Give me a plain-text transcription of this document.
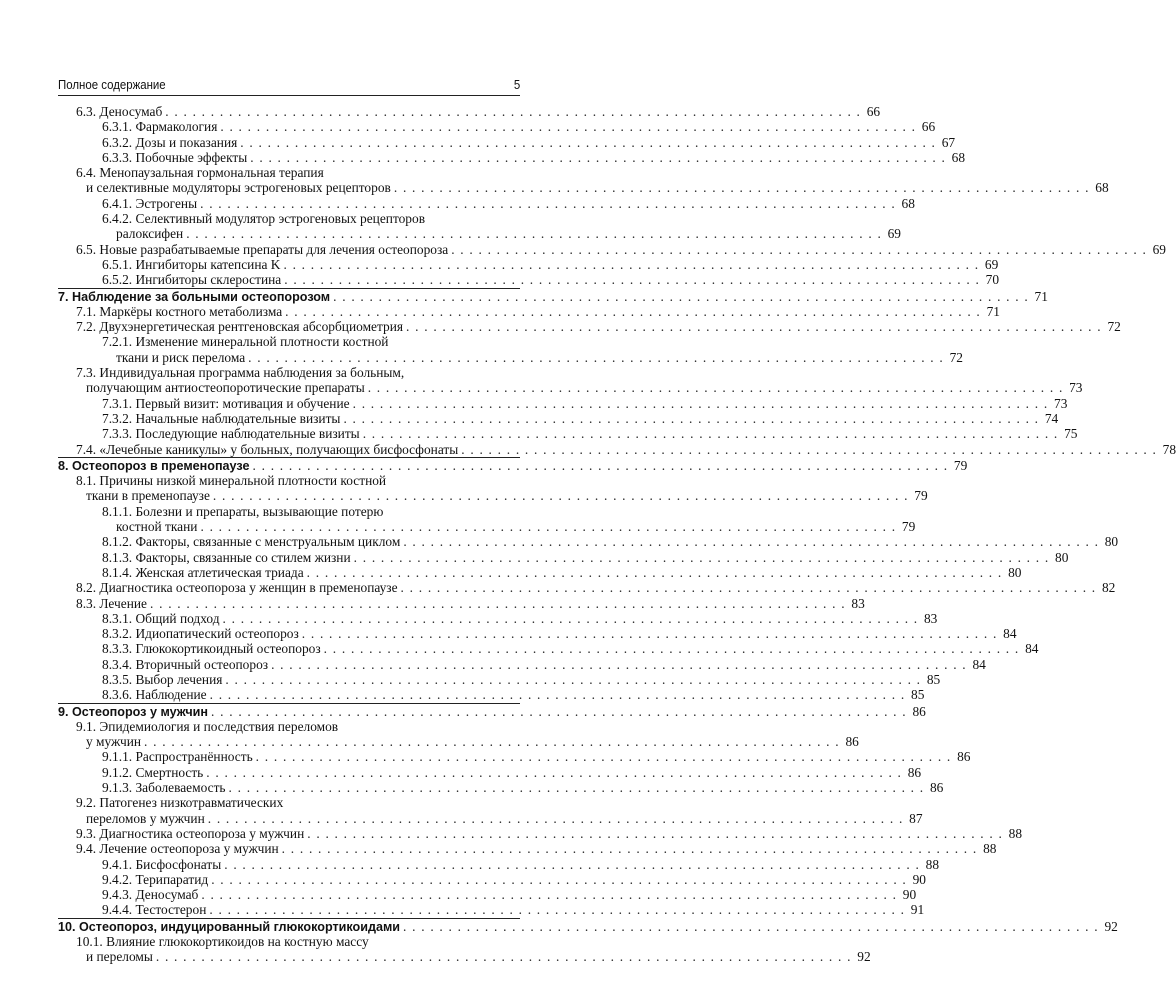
Полное содержание	5
6.3. Деносумаб . . . . . . . . . . . . . . . . . . . . . . . . . . . . . . . . . . . . . . . . . . . . . . . . . . . . . . . . . . . . . . . . . . . . . . . . . . . . . 66
6.3.1. Фармакология . . . . . . . . . . . . . . . . . . . . . . . . . . . . . . . . . . . . . . . . . . . . . . . . . . . . . . . . . . . . . . . . . . . . . . . . . . . . . 66
6.3.2. Дозы и показания . . . . . . . . . . . . . . . . . . . . . . . . . . . . . . . . . . . . . . . . . . . . . . . . . . . . . . . . . . . . . . . . . . . . . . . . . . . . . 67
6.3.3. Побочные эффекты . . . . . . . . . . . . . . . . . . . . . . . . . . . . . . . . . . . . . . . . . . . . . . . . . . . . . . . . . . . . . . . . . . . . . . . . . . . . . 68
6.4. Менопаузальная гормональная терапия
и селективные модуляторы эстрогеновых рецепторов . . . . . . . . . . . . . . . . . . . . . . . . . . . . . . . . . . . . . . . . . . . . . . . . . . . . . . . . . . . . . . . . . . . . . . . . . . . . . 68
6.4.1. Эстрогены . . . . . . . . . . . . . . . . . . . . . . . . . . . . . . . . . . . . . . . . . . . . . . . . . . . . . . . . . . . . . . . . . . . . . . . . . . . . . 68
6.4.2. Селективный модулятор эстрогеновых рецепторов
ралоксифен . . . . . . . . . . . . . . . . . . . . . . . . . . . . . . . . . . . . . . . . . . . . . . . . . . . . . . . . . . . . . . . . . . . . . . . . . . . . . 69
6.5. Новые разрабатываемые препараты для лечения остеопороза . . . . . . . . . . . . . . . . . . . . . . . . . . . . . . . . . . . . . . . . . . . . . . . . . . . . . . . . . . . . . . . . . . . . . . . . . . . . . 69
6.5.1. Ингибиторы катепсина K . . . . . . . . . . . . . . . . . . . . . . . . . . . . . . . . . . . . . . . . . . . . . . . . . . . . . . . . . . . . . . . . . . . . . . . . . . . . . 69
6.5.2. Ингибиторы склеростина . . . . . . . . . . . . . . . . . . . . . . . . . . . . . . . . . . . . . . . . . . . . . . . . . . . . . . . . . . . . . . . . . . . . . . . . . . . . . 70
7. Наблюдение за больными остеопорозом . . . . . . . . . . . . . . . . . . . . . . . . . . . . . . . . . . . . . . . . . . . . . . . . . . . . . . . . . . . . . . . . . . . . . . . . . . . . . 71
7.1. Маркёры костного метаболизма . . . . . . . . . . . . . . . . . . . . . . . . . . . . . . . . . . . . . . . . . . . . . . . . . . . . . . . . . . . . . . . . . . . . . . . . . . . . . 71
7.2. Двухэнергетическая рентгеновская абсорбциометрия . . . . . . . . . . . . . . . . . . . . . . . . . . . . . . . . . . . . . . . . . . . . . . . . . . . . . . . . . . . . . . . . . . . . . . . . . . . . . 72
7.2.1. Изменение минеральной плотности костной
ткани и риск перелома . . . . . . . . . . . . . . . . . . . . . . . . . . . . . . . . . . . . . . . . . . . . . . . . . . . . . . . . . . . . . . . . . . . . . . . . . . . . . 72
7.3. Индивидуальная программа наблюдения за больным,
получающим антиостеопоротические препараты . . . . . . . . . . . . . . . . . . . . . . . . . . . . . . . . . . . . . . . . . . . . . . . . . . . . . . . . . . . . . . . . . . . . . . . . . . . . . 73
7.3.1. Первый визит: мотивация и обучение . . . . . . . . . . . . . . . . . . . . . . . . . . . . . . . . . . . . . . . . . . . . . . . . . . . . . . . . . . . . . . . . . . . . . . . . . . . . . 73
7.3.2. Начальные наблюдательные визиты . . . . . . . . . . . . . . . . . . . . . . . . . . . . . . . . . . . . . . . . . . . . . . . . . . . . . . . . . . . . . . . . . . . . . . . . . . . . . 74
7.3.3. Последующие наблюдательные визиты . . . . . . . . . . . . . . . . . . . . . . . . . . . . . . . . . . . . . . . . . . . . . . . . . . . . . . . . . . . . . . . . . . . . . . . . . . . . . 75
7.4. «Лечебные каникулы» у больных, получающих бисфосфонаты . . . . . . . . . . . . . . . . . . . . . . . . . . . . . . . . . . . . . . . . . . . . . . . . . . . . . . . . . . . . . . . . . . . . . . . . . . . . . 78
8. Остеопороз в пременопаузе . . . . . . . . . . . . . . . . . . . . . . . . . . . . . . . . . . . . . . . . . . . . . . . . . . . . . . . . . . . . . . . . . . . . . . . . . . . . . 79
8.1. Причины низкой минеральной плотности костной
ткани в пременопаузе . . . . . . . . . . . . . . . . . . . . . . . . . . . . . . . . . . . . . . . . . . . . . . . . . . . . . . . . . . . . . . . . . . . . . . . . . . . . . 79
8.1.1. Болезни и препараты, вызывающие потерю
костной ткани . . . . . . . . . . . . . . . . . . . . . . . . . . . . . . . . . . . . . . . . . . . . . . . . . . . . . . . . . . . . . . . . . . . . . . . . . . . . . 79
8.1.2. Факторы, связанные с менструальным циклом . . . . . . . . . . . . . . . . . . . . . . . . . . . . . . . . . . . . . . . . . . . . . . . . . . . . . . . . . . . . . . . . . . . . . . . . . . . . . 80
8.1.3. Факторы, связанные со стилем жизни . . . . . . . . . . . . . . . . . . . . . . . . . . . . . . . . . . . . . . . . . . . . . . . . . . . . . . . . . . . . . . . . . . . . . . . . . . . . . 80
8.1.4. Женская атлетическая триада . . . . . . . . . . . . . . . . . . . . . . . . . . . . . . . . . . . . . . . . . . . . . . . . . . . . . . . . . . . . . . . . . . . . . . . . . . . . . 80
8.2. Диагностика остеопороза у женщин в пременопаузе . . . . . . . . . . . . . . . . . . . . . . . . . . . . . . . . . . . . . . . . . . . . . . . . . . . . . . . . . . . . . . . . . . . . . . . . . . . . . 82
8.3. Лечение . . . . . . . . . . . . . . . . . . . . . . . . . . . . . . . . . . . . . . . . . . . . . . . . . . . . . . . . . . . . . . . . . . . . . . . . . . . . . 83
8.3.1. Общий подход . . . . . . . . . . . . . . . . . . . . . . . . . . . . . . . . . . . . . . . . . . . . . . . . . . . . . . . . . . . . . . . . . . . . . . . . . . . . . 83
8.3.2. Идиопатический остеопороз . . . . . . . . . . . . . . . . . . . . . . . . . . . . . . . . . . . . . . . . . . . . . . . . . . . . . . . . . . . . . . . . . . . . . . . . . . . . . 84
8.3.3. Глюкокортикоидный остеопороз . . . . . . . . . . . . . . . . . . . . . . . . . . . . . . . . . . . . . . . . . . . . . . . . . . . . . . . . . . . . . . . . . . . . . . . . . . . . . 84
8.3.4. Вторичный остеопороз . . . . . . . . . . . . . . . . . . . . . . . . . . . . . . . . . . . . . . . . . . . . . . . . . . . . . . . . . . . . . . . . . . . . . . . . . . . . . 84
8.3.5. Выбор лечения . . . . . . . . . . . . . . . . . . . . . . . . . . . . . . . . . . . . . . . . . . . . . . . . . . . . . . . . . . . . . . . . . . . . . . . . . . . . . 85
8.3.6. Наблюдение . . . . . . . . . . . . . . . . . . . . . . . . . . . . . . . . . . . . . . . . . . . . . . . . . . . . . . . . . . . . . . . . . . . . . . . . . . . . . 85
9. Остеопороз у мужчин . . . . . . . . . . . . . . . . . . . . . . . . . . . . . . . . . . . . . . . . . . . . . . . . . . . . . . . . . . . . . . . . . . . . . . . . . . . . . 86
9.1. Эпидемиология и последствия переломов
у мужчин . . . . . . . . . . . . . . . . . . . . . . . . . . . . . . . . . . . . . . . . . . . . . . . . . . . . . . . . . . . . . . . . . . . . . . . . . . . . . 86
9.1.1. Распространённость . . . . . . . . . . . . . . . . . . . . . . . . . . . . . . . . . . . . . . . . . . . . . . . . . . . . . . . . . . . . . . . . . . . . . . . . . . . . . 86
9.1.2. Смертность . . . . . . . . . . . . . . . . . . . . . . . . . . . . . . . . . . . . . . . . . . . . . . . . . . . . . . . . . . . . . . . . . . . . . . . . . . . . . 86
9.1.3. Заболеваемость . . . . . . . . . . . . . . . . . . . . . . . . . . . . . . . . . . . . . . . . . . . . . . . . . . . . . . . . . . . . . . . . . . . . . . . . . . . . . 86
9.2. Патогенез низкотравматических
переломов у мужчин . . . . . . . . . . . . . . . . . . . . . . . . . . . . . . . . . . . . . . . . . . . . . . . . . . . . . . . . . . . . . . . . . . . . . . . . . . . . . 87
9.3. Диагностика остеопороза у мужчин . . . . . . . . . . . . . . . . . . . . . . . . . . . . . . . . . . . . . . . . . . . . . . . . . . . . . . . . . . . . . . . . . . . . . . . . . . . . . 88
9.4. Лечение остеопороза у мужчин . . . . . . . . . . . . . . . . . . . . . . . . . . . . . . . . . . . . . . . . . . . . . . . . . . . . . . . . . . . . . . . . . . . . . . . . . . . . . 88
9.4.1. Бисфосфонаты . . . . . . . . . . . . . . . . . . . . . . . . . . . . . . . . . . . . . . . . . . . . . . . . . . . . . . . . . . . . . . . . . . . . . . . . . . . . . 88
9.4.2. Терипаратид . . . . . . . . . . . . . . . . . . . . . . . . . . . . . . . . . . . . . . . . . . . . . . . . . . . . . . . . . . . . . . . . . . . . . . . . . . . . . 90
9.4.3. Деносумаб . . . . . . . . . . . . . . . . . . . . . . . . . . . . . . . . . . . . . . . . . . . . . . . . . . . . . . . . . . . . . . . . . . . . . . . . . . . . . 90
9.4.4. Тестостерон . . . . . . . . . . . . . . . . . . . . . . . . . . . . . . . . . . . . . . . . . . . . . . . . . . . . . . . . . . . . . . . . . . . . . . . . . . . . . 91
10. Остеопороз, индуцированный глюкокортикоидами . . . . . . . . . . . . . . . . . . . . . . . . . . . . . . . . . . . . . . . . . . . . . . . . . . . . . . . . . . . . . . . . . . . . . . . . . . . . . 92
10.1. Влияние глюкокортикоидов на костную массу
и переломы . . . . . . . . . . . . . . . . . . . . . . . . . . . . . . . . . . . . . . . . . . . . . . . . . . . . . . . . . . . . . . . . . . . . . . . . . . . . . 92
